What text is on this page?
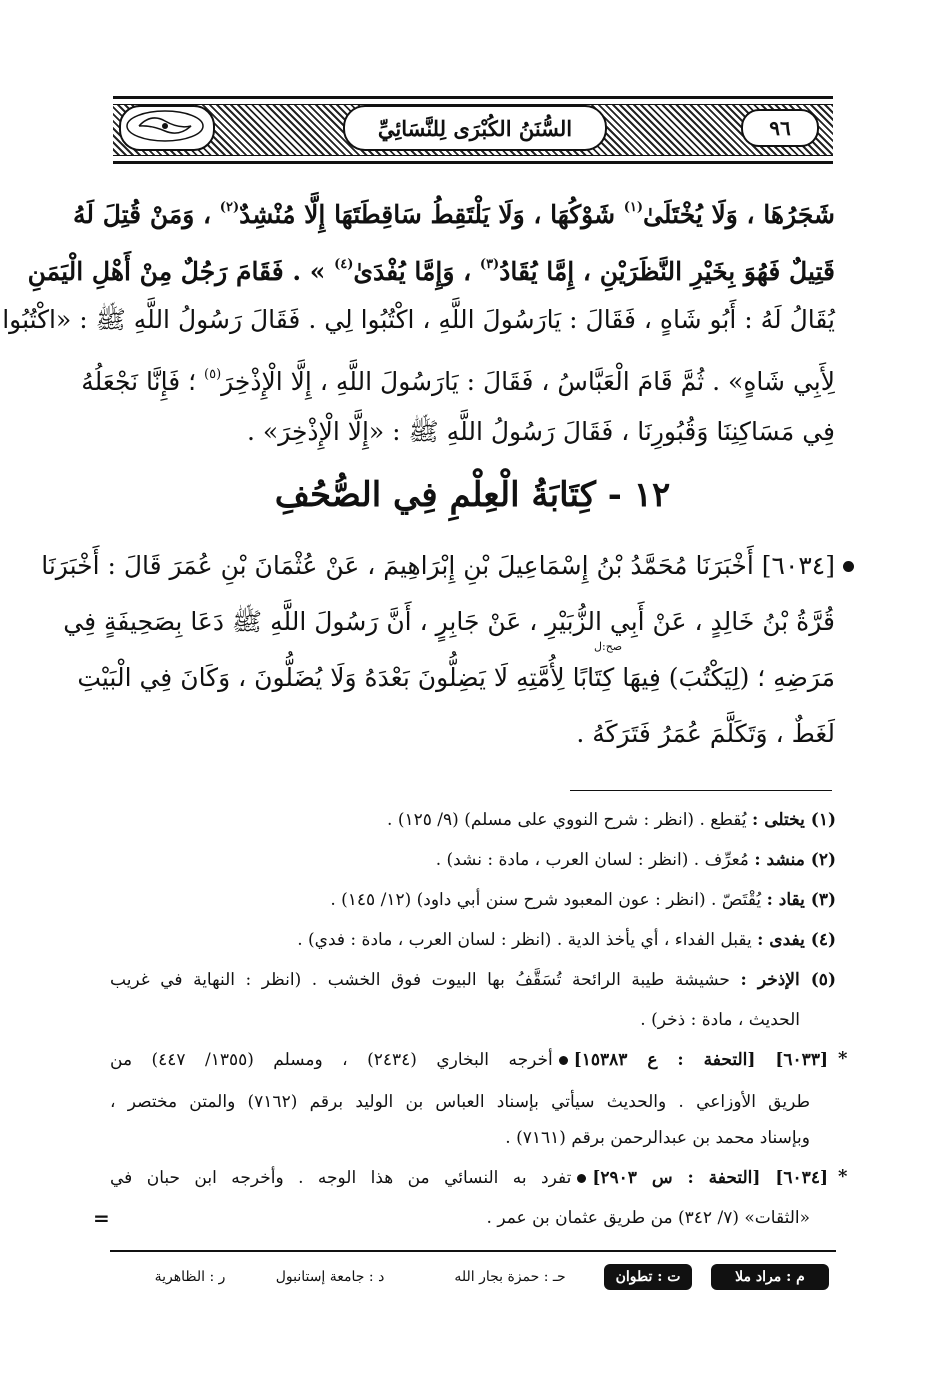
السُّنَنُ الكُبْرَى لِلنَّسَائِيِّ	٩٦
شَجَرُهَا ، وَلَا يُخْتَلَىٰ$^{(١)}$ شَوْكُهَا ، وَلَا يَلْتَقِطُ سَاقِطَتَهَا إِلَّا مُنْشِدٌ$^{(٢)}$ ، وَمَنْ قُتِلَ لَهُ
قَتِيلٌ فَهُوَ بِخَيْرِ النَّظَرَيْنِ ، إِمَّا يُقَادُ$^{(٣)}$ ، وَإِمَّا يُفْدَىٰ$^{(٤)}$ » . فَقَامَ رَجُلٌ مِنْ أَهْلِ الْيَمَنِ
يُقَالُ لَهُ : أَبُو شَاهٍ ، فَقَالَ : يَارَسُولَ اللَّهِ ، اكْتُبُوا لِي . فَقَالَ رَسُولُ اللَّهِ ﷺ : «اكْتُبُوا
لِأَبِي شَاهٍ» . ثُمَّ قَامَ الْعَبَّاسُ ، فَقَالَ : يَارَسُولَ اللَّهِ ، إِلَّا الْإِذْخِرَ$^{(٥)}$ ؛ فَإِنَّا نَجْعَلُهُ
فِي مَسَاكِنِنَا وَقُبُورِنَا ، فَقَالَ رَسُولُ اللَّهِ ﷺ : «إِلَّا الْإِذْخِرَ» .
١٢ - كِتَابَةُ الْعِلْمِ فِي الصُّحُفِ
[٦٠٣٤] أَخْبَرَنَا مُحَمَّدُ بْنُ إِسْمَاعِيلَ بْنِ إِبْرَاهِيمَ ، عَنْ عُثْمَانَ بْنِ عُمَرَ قَالَ : أَخْبَرَنَا
قُرَّةُ بْنُ خَالِدٍ ، عَنْ أَبِي الزُّبَيْرِ ، عَنْ جَابِرٍ ، أَنَّ رَسُولَ اللَّهِ ﷺ دَعَا بِصَحِيفَةٍ فِي
صح:ل
مَرَضِهِ ؛ (لِيَكْتُبَ) فِيهَا كِتَابًا لِأُمَّتِهِ لَا يَضِلُّونَ بَعْدَهُ وَلَا يُضَلُّونَ ، وَكَانَ فِي الْبَيْتِ
لَغَطٌ ، وَتَكَلَّمَ عُمَرُ فَتَرَكَهُ .
(١) يختلى : يُقطع . (انظر : شرح النووي على مسلم) (٩/ ١٢٥) .
(٢) منشد : مُعرِّف . (انظر : لسان العرب ، مادة : نشد) .
(٣) يقاد : يُقْتَصّ . (انظر : عون المعبود شرح سنن أبي داود) (١٢/ ١٤٥) .
(٤) يفدى : يقبل الفداء ، أي يأخذ الدية . (انظر : لسان العرب ، مادة : فدي) .
(٥) الإذخر : حشيشة طيبة الرائحة تُسَقَّفُ بها البيوت فوق الخشب . (انظر : النهاية في غريب
الحديث ، مادة : ذخر) .
*
[٦٠٣٣] [التحفة : ع ١٥٣٨٣]أخرجه البخاري (٢٤٣٤) ، ومسلم (١٣٥٥/ ٤٤٧) من
طريق الأوزاعي . والحديث سيأتي بإسناد العباس بن الوليد برقم (٧١٦٢) والمتن مختصر ،
وبإسناد محمد بن عبدالرحمن برقم (٧١٦١) .
*
[٦٠٣٤] [التحفة : س ٢٩٠٣]تفرد به النسائي من هذا الوجه . وأخرجه ابن حبان في
«الثقات» (٧/ ٣٤٢) من طريق عثمان بن عمر .
=
م : مراد ملا
ت : تطوان
حـ : حمزة بجار الله
د : جامعة إستانبول
ر : الظاهرية
